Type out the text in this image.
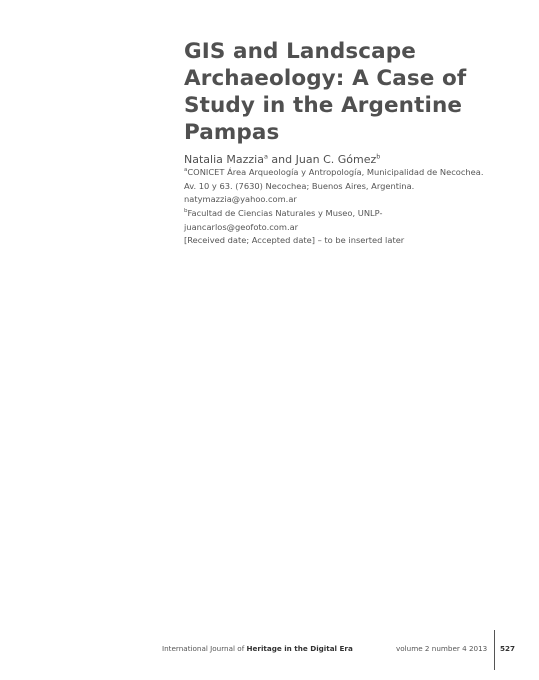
GIS and Landscape Archaeology: A Case of Study in the Argentine Pampas
Natalia Mazzia$^a$ and Juan C. Gómez$^b$
$^a$CONICET Área Arqueología y Antropología, Municipalidad de Necochea. Av. 10 y 63. (7630) Necochea; Buenos Aires, Argentina. natymazzia@yahoo.com.ar
$^b$Facultad de Ciencias Naturales y Museo, UNLP- juancarlos@geofoto.com.ar
[Received date; Accepted date] – to be inserted later
International Journal of Heritage in the Digital Era	volume 2 number 4 2013 527
